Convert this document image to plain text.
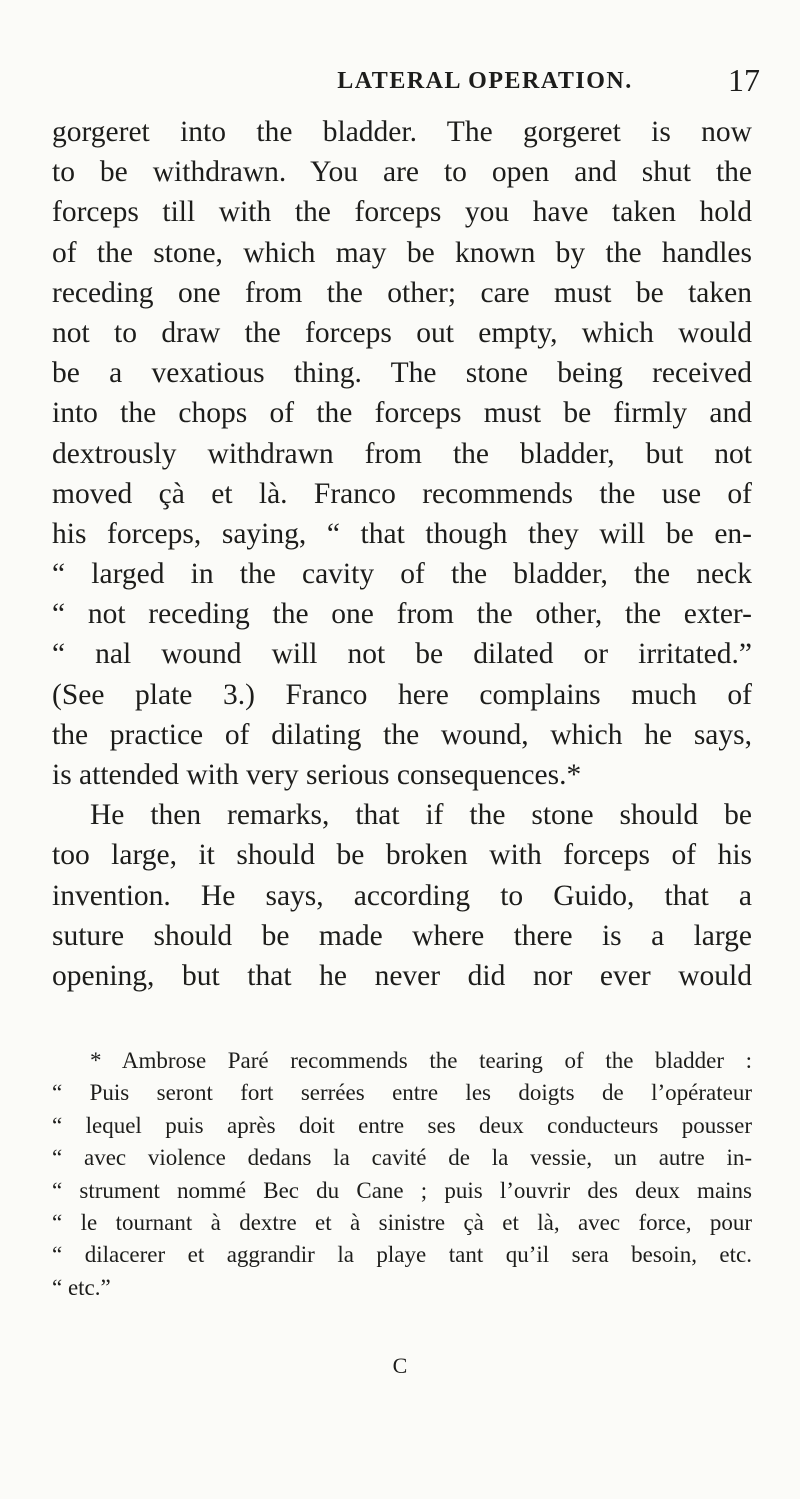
LATERAL OPERATION.	17
gorgeret into the bladder. The gorgeret is now
to be withdrawn. You are to open and shut the
forceps till with the forceps you have taken hold
of the stone, which may be known by the handles
receding one from the other; care must be taken
not to draw the forceps out empty, which would
be a vexatious thing. The stone being received
into the chops of the forceps must be firmly and
dextrously withdrawn from the bladder, but not
moved çà et là. Franco recommends the use of
his forceps, saying, “ that though they will be en-
“ larged in the cavity of the bladder, the neck
“ not receding the one from the other, the exter-
“ nal wound will not be dilated or irritated.”
(See plate 3.) Franco here complains much of
the practice of dilating the wound, which he says,
is attended with very serious consequences.*
He then remarks, that if the stone should be
too large, it should be broken with forceps of his
invention. He says, according to Guido, that a
suture should be made where there is a large
opening, but that he never did nor ever would
* Ambrose Paré recommends the tearing of the bladder :
“ Puis seront fort serrées entre les doigts de l’opérateur
“ lequel puis après doit entre ses deux conducteurs pousser
“ avec violence dedans la cavité de la vessie, un autre in-
“ strument nommé Bec du Cane ; puis l’ouvrir des deux mains
“ le tournant à dextre et à sinistre çà et là, avec force, pour
“ dilacerer et aggrandir la playe tant qu’il sera besoin, etc.
“ etc.”
C
